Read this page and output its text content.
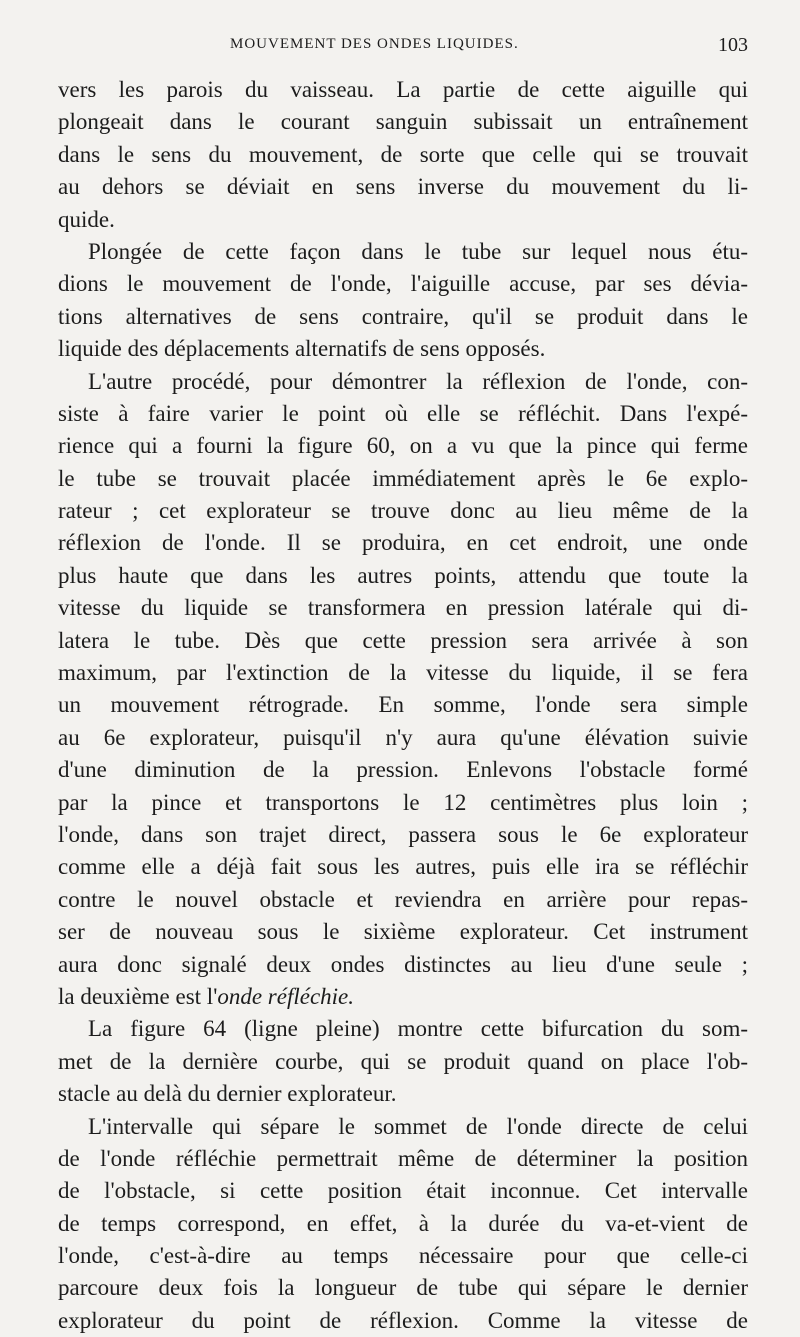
MOUVEMENT DES ONDES LIQUIDES.	103
vers les parois du vaisseau. La partie de cette aiguille qui
plongeait dans le courant sanguin subissait un entraînement
dans le sens du mouvement, de sorte que celle qui se trouvait
au dehors se déviait en sens inverse du mouvement du li-
quide.
Plongée de cette façon dans le tube sur lequel nous étu-
dions le mouvement de l'onde, l'aiguille accuse, par ses dévia-
tions alternatives de sens contraire, qu'il se produit dans le
liquide des déplacements alternatifs de sens opposés.
L'autre procédé, pour démontrer la réflexion de l'onde, con-
siste à faire varier le point où elle se réfléchit. Dans l'expé-
rience qui a fourni la figure 60, on a vu que la pince qui ferme
le tube se trouvait placée immédiatement après le 6e explo-
rateur ; cet explorateur se trouve donc au lieu même de la
réflexion de l'onde. Il se produira, en cet endroit, une onde
plus haute que dans les autres points, attendu que toute la
vitesse du liquide se transformera en pression latérale qui di-
latera le tube. Dès que cette pression sera arrivée à son
maximum, par l'extinction de la vitesse du liquide, il se fera
un mouvement rétrograde. En somme, l'onde sera simple
au 6e explorateur, puisqu'il n'y aura qu'une élévation suivie
d'une diminution de la pression. Enlevons l'obstacle formé
par la pince et transportons le 12 centimètres plus loin ;
l'onde, dans son trajet direct, passera sous le 6e explorateur
comme elle a déjà fait sous les autres, puis elle ira se réfléchir
contre le nouvel obstacle et reviendra en arrière pour repas-
ser de nouveau sous le sixième explorateur. Cet instrument
aura donc signalé deux ondes distinctes au lieu d'une seule ;
la deuxième est l'onde réfléchie.
La figure 64 (ligne pleine) montre cette bifurcation du som-
met de la dernière courbe, qui se produit quand on place l'ob-
stacle au delà du dernier explorateur.
L'intervalle qui sépare le sommet de l'onde directe de celui
de l'onde réfléchie permettrait même de déterminer la position
de l'obstacle, si cette position était inconnue. Cet intervalle
de temps correspond, en effet, à la durée du va-et-vient de
l'onde, c'est-à-dire au temps nécessaire pour que celle-ci
parcoure deux fois la longueur de tube qui sépare le dernier
explorateur du point de réflexion. Comme la vitesse de
